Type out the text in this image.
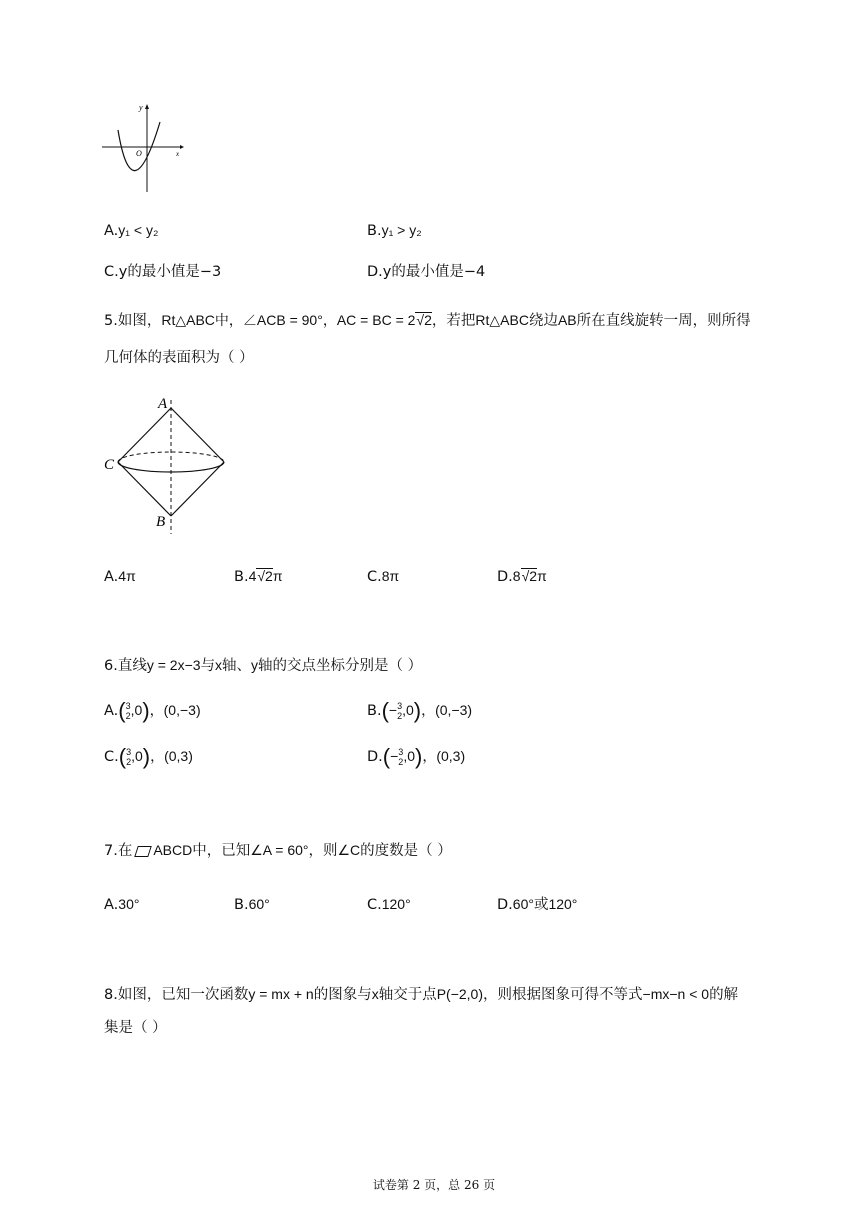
y
x
O
A.y₁ < y₂	B.y₁ > y₂
C.y的最小值是−3	D.y的最小值是−4
5.如图，Rt△ABC中，∠ACB = 90°，AC = BC = 2√2，若把Rt△ABC绕边AB所在直线旋转一周，则所得
几何体的表面积为（ ）
A
B
C
A.4π	B.4√2π	C.8π	D.8√2π
6.直线y = 2x−3与x轴、y轴的交点坐标分别是（ ）
A.( 3
2 ,0)，(0,−3)	B.(− 3
2 ,0)，(0,−3)
C.( 3
2 ,0)，(0,3)	D.(− 3
2 ,0)，(0,3)
7.在 ABCD中，已知∠A = 60°，则∠C的度数是（ ）
A.30°	B.60°	C.120°	D.60°或120°
8.如图，已知一次函数y = mx + n的图象与x轴交于点P(−2,0)，则根据图象可得不等式−mx−n < 0的解
集是（ ）
试卷第 2 页，总 26 页
